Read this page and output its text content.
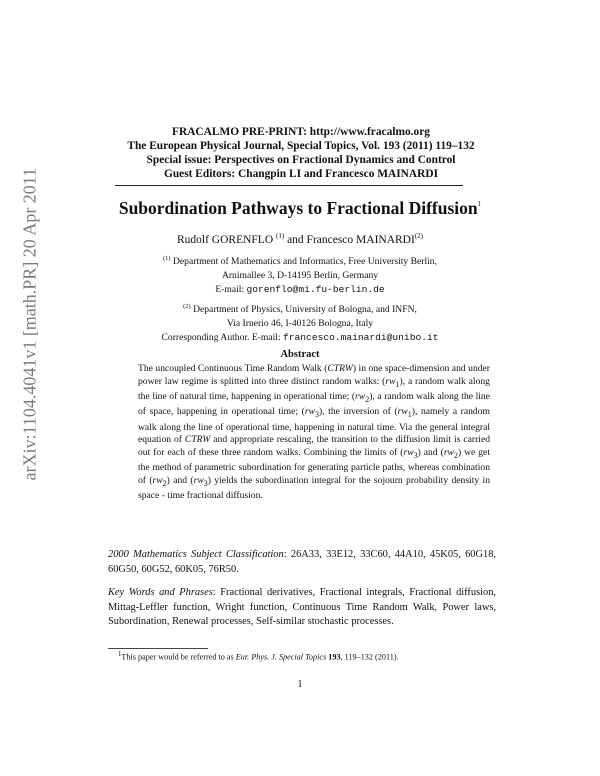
arXiv:1104.4041v1 [math.PR] 20 Apr 2011
FRACALMO PRE-PRINT: http://www.fracalmo.org
The European Physical Journal, Special Topics, Vol. 193 (2011) 119–132
Special issue: Perspectives on Fractional Dynamics and Control
Guest Editors: Changpin LI and Francesco MAINARDI
Subordination Pathways to Fractional Diffusion$^1$
Rudolf GORENFLO $^{(1)}$ and Francesco MAINARDI$^{(2)}$
$^{(1)}$ Department of Mathematics and Informatics, Free University Berlin,
Arnimallee 3, D-14195 Berlin, Germany
E-mail: gorenflo@mi.fu-berlin.de
$^{(2)}$ Department of Physics, University of Bologna, and INFN,
Via Irnerio 46, I-40126 Bologna, Italy
Corresponding Author. E-mail: francesco.mainardi@unibo.it
Abstract
The uncoupled Continuous Time Random Walk (CTRW) in one space-dimension and under power law regime is splitted into three distinct random walks: $(rw_1)$, a random walk along the line of natural time, happening in operational time; $(rw_2)$, a random walk along the line of space, happening in operational time; $(rw_3)$, the inversion of $(rw_1)$, namely a random walk along the line of operational time, happening in natural time. Via the general integral equation of CTRW and appropriate rescaling, the transition to the diffusion limit is carried out for each of these three random walks. Combining the limits of $(rw_3)$ and $(rw_2)$ we get the method of parametric subordination for generating particle paths, whereas combination of $(rw_2)$ and $(rw_3)$ yields the subordination integral for the sojourn probability density in space - time fractional diffusion.
2000 Mathematics Subject Classification: 26A33, 33E12, 33C60, 44A10, 45K05, 60G18, 60G50, 60G52, 60K05, 76R50.
Key Words and Phrases: Fractional derivatives, Fractional integrals, Fractional diffusion, Mittag-Leffler function, Wright function, Continuous Time Random Walk, Power laws, Subordination, Renewal processes, Self-similar stochastic processes.
$^1$This paper would be referred to as Eur. Phys. J. Special Topics 193, 119–132 (2011).
1
